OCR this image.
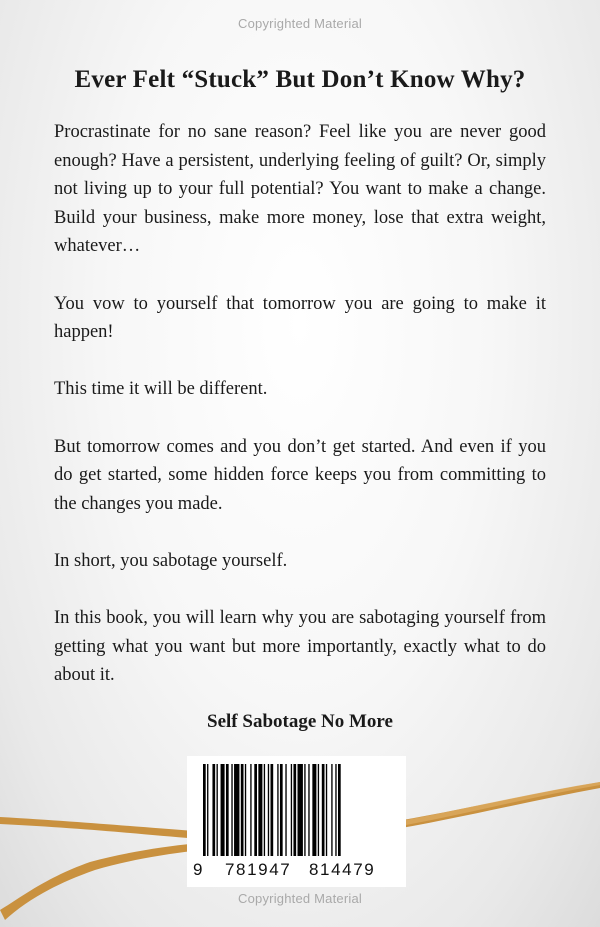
Copyrighted Material
Ever Felt “Stuck” But Don’t Know Why?

Procrastinate for no sane reason? Feel like you are never good enough? Have a persistent, underlying feeling of guilt? Or, simply not living up to your full potential? You want to make a change. Build your business, make more money, lose that extra weight, whatever…

You vow to yourself that tomorrow you are going to make it happen!

This time it will be different.

But tomorrow comes and you don’t get started. And even if you do get started, some hidden force keeps you from committing to the changes you made.

In short, you sabotage yourself.

In this book, you will learn why you are sabotaging yourself from getting what you want but more importantly, exactly what to do about it.

Self Sabotage No More
9 781947 814479
Copyrighted Material
